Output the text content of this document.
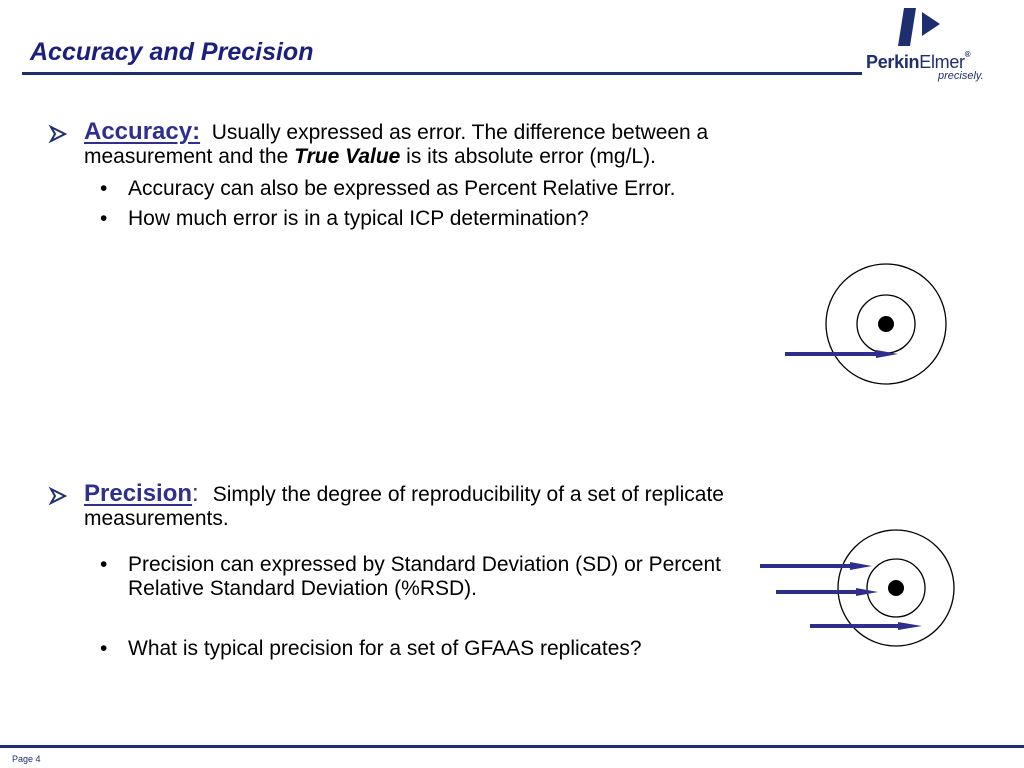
Accuracy and Precision	PerkinElmer®
precisely.

Accuracy: Usually expressed as error. The difference between a measurement and the True Value is its absolute error (mg/L).

• Accuracy can also be expressed as Percent Relative Error.
• How much error is in a typical ICP determination?

Precision: Simply the degree of reproducibility of a set of replicate measurements.

• Precision can expressed by Standard Deviation (SD) or Percent Relative Standard Deviation (%RSD).
• What is typical precision for a set of GFAAS replicates?
Page 4
